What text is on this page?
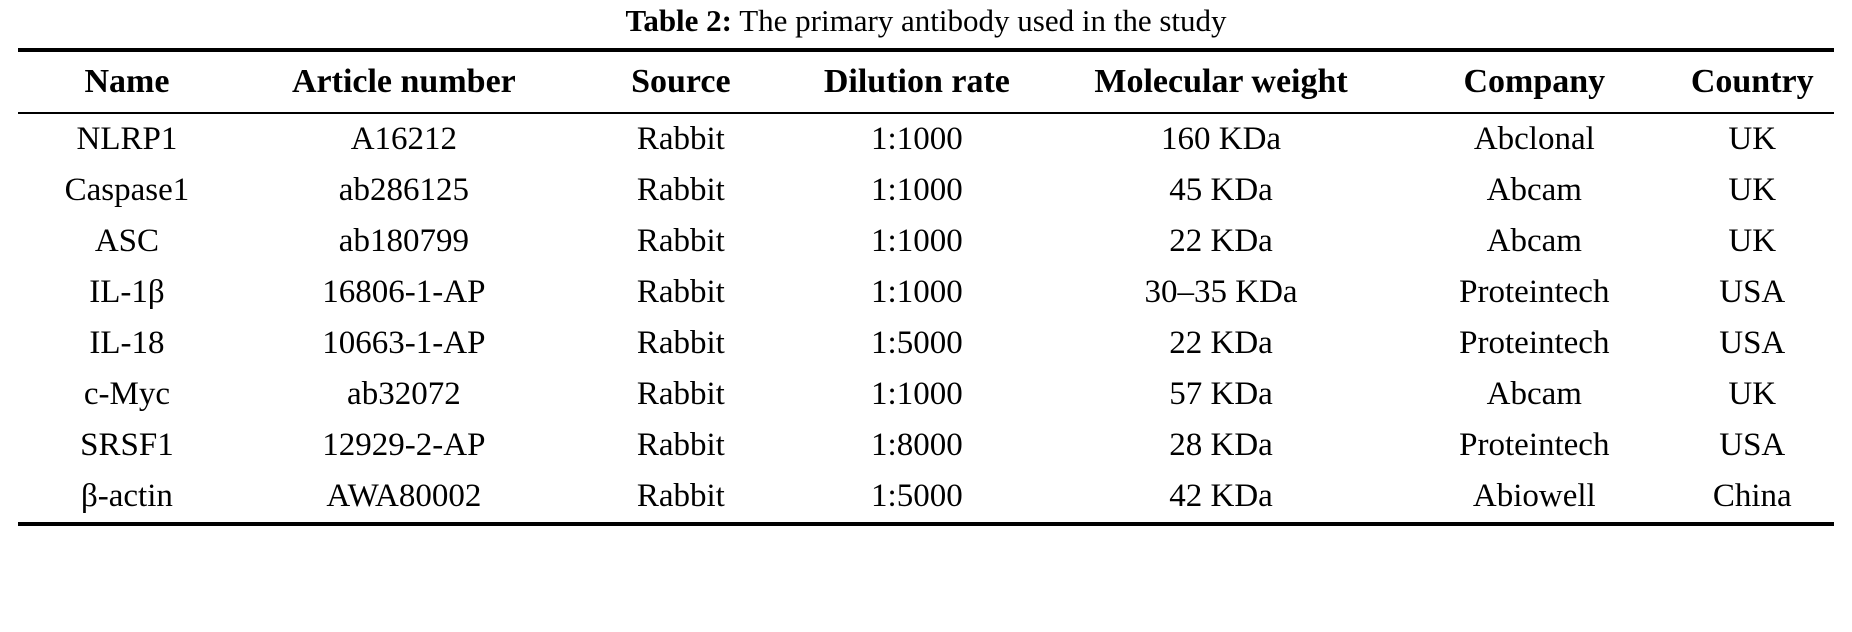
Table 2: The primary antibody used in the study
Name	Article number	Source	Dilution rate	Molecular weight	Company	Country
NLRP1	A16212	Rabbit	1:1000	160 KDa	Abclonal	UK
Caspase1	ab286125	Rabbit	1:1000	45 KDa	Abcam	UK
ASC	ab180799	Rabbit	1:1000	22 KDa	Abcam	UK
IL-1β	16806-1-AP	Rabbit	1:1000	30–35 KDa	Proteintech	USA
IL-18	10663-1-AP	Rabbit	1:5000	22 KDa	Proteintech	USA
c-Myc	ab32072	Rabbit	1:1000	57 KDa	Abcam	UK
SRSF1	12929-2-AP	Rabbit	1:8000	28 KDa	Proteintech	USA
β-actin	AWA80002	Rabbit	1:5000	42 KDa	Abiowell	China
